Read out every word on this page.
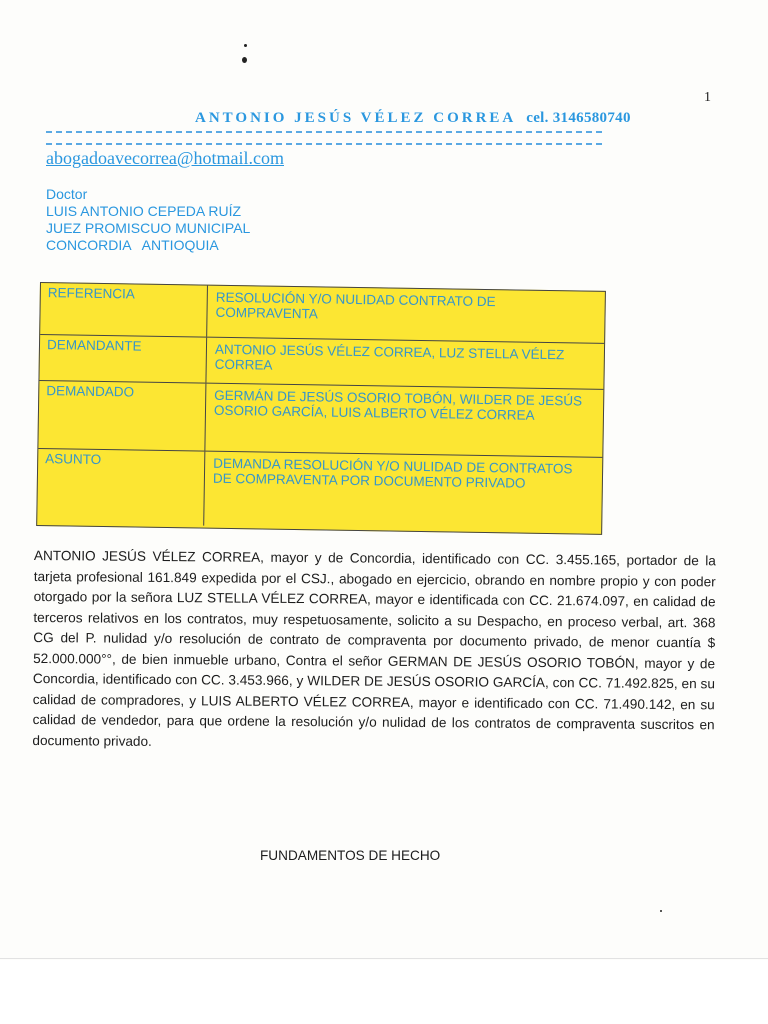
1
ANTONIO JESÚS VÉLEZ CORREA cel. 3146580740
abogadoavecorrea@hotmail.com
Doctor
LUIS ANTONIO CEPEDA RUÍZ
JUEZ PROMISCUO MUNICIPAL
CONCORDIA   ANTIOQUIA
REFERENCIA	RESOLUCIÓN Y/O NULIDAD CONTRATO DE COMPRAVENTA
DEMANDANTE	ANTONIO JESÚS VÉLEZ CORREA, LUZ STELLA VÉLEZ CORREA
DEMANDADO	GERMÁN DE JESÚS OSORIO TOBÓN, WILDER DE JESÚS OSORIO GARCÍA, LUIS ALBERTO VÉLEZ CORREA
ASUNTO	DEMANDA RESOLUCIÓN Y/O NULIDAD DE CONTRATOS DE COMPRAVENTA POR DOCUMENTO PRIVADO
ANTONIO JESÚS VÉLEZ CORREA, mayor y de Concordia, identificado con CC. 3.455.165, portador de la tarjeta profesional 161.849 expedida por el CSJ., abogado en ejercicio, obrando en nombre propio y con poder otorgado por la señora LUZ STELLA VÉLEZ CORREA, mayor e identificada con CC. 21.674.097, en calidad de terceros relativos en los contratos, muy respetuosamente, solicito a su Despacho, en proceso verbal, art. 368 CG del P. nulidad y/o resolución de contrato de compraventa por documento privado, de menor cuantía $ 52.000.000°°, de bien inmueble urbano, Contra el señor GERMAN DE JESÚS OSORIO TOBÓN, mayor y de Concordia, identificado con CC. 3.453.966, y WILDER DE JESÚS OSORIO GARCÍA, con CC. 71.492.825, en su calidad de compradores, y LUIS ALBERTO VÉLEZ CORREA, mayor e identificado con CC. 71.490.142, en su calidad de vendedor, para que ordene la resolución y/o nulidad de los contratos de compraventa suscritos en documento privado.
FUNDAMENTOS DE HECHO
